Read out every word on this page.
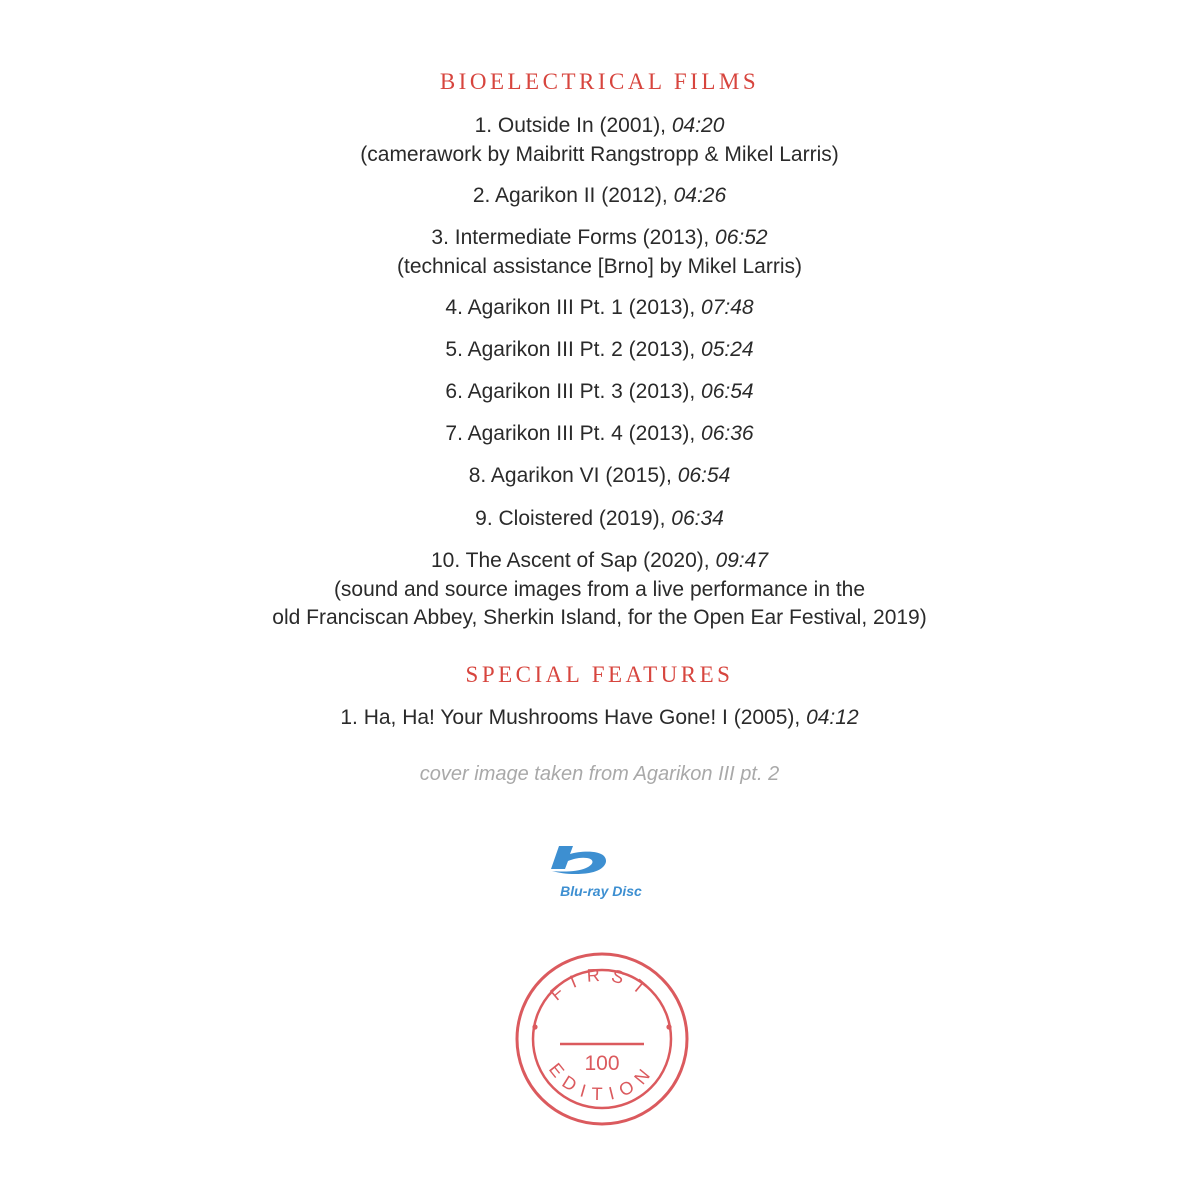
BIOELECTRICAL FILMS
1. Outside In (2001), 04:20
(camerawork by Maibritt Rangstropp & Mikel Larris)
2. Agarikon II (2012), 04:26
3. Intermediate Forms (2013), 06:52
(technical assistance [Brno] by Mikel Larris)
4. Agarikon III Pt. 1 (2013), 07:48
5. Agarikon III Pt. 2 (2013), 05:24
6. Agarikon III Pt. 3 (2013), 06:54
7. Agarikon III Pt. 4 (2013), 06:36
8. Agarikon VI (2015), 06:54
9. Cloistered (2019), 06:34
10. The Ascent of Sap (2020), 09:47
(sound and source images from a live performance in the
old Franciscan Abbey, Sherkin Island, for the Open Ear Festival, 2019)
SPECIAL FEATURES
1. Ha, Ha! Your Mushrooms Have Gone! I (2005), 04:12
cover image taken from Agarikon III pt. 2
Blu-ray Disc
FIRST
EDITION
100
